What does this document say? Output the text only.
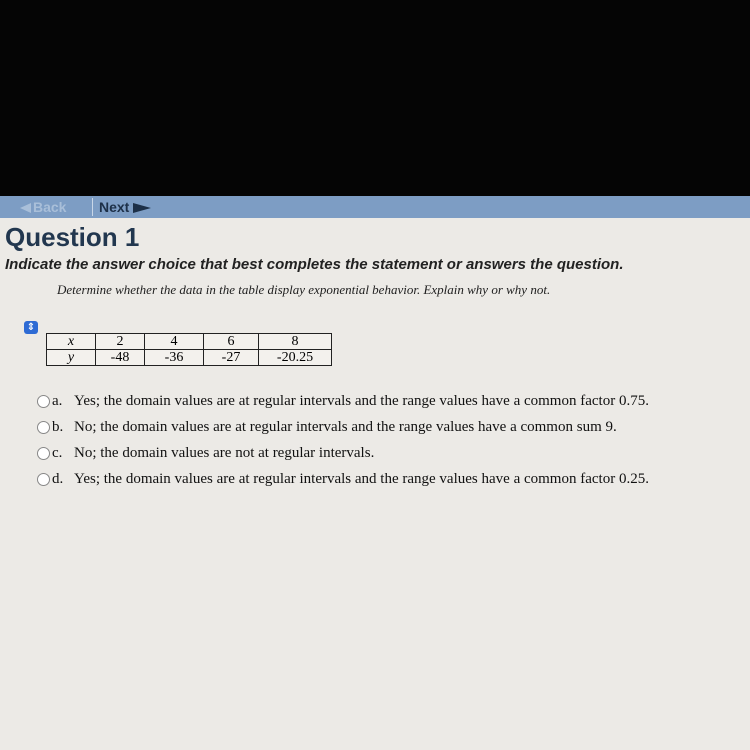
Back	Next
Question 1
Indicate the answer choice that best completes the statement or answers the question.
Determine whether the data in the table display exponential behavior. Explain why or why not.
⇕
x	2	4	6	8
y	-48	-36	-27	-20.25
a. Yes; the domain values are at regular intervals and the range values have a common factor 0.75.
b. No; the domain values are at regular intervals and the range values have a common sum 9.
c. No; the domain values are not at regular intervals.
d. Yes; the domain values are at regular intervals and the range values have a common factor 0.25.
